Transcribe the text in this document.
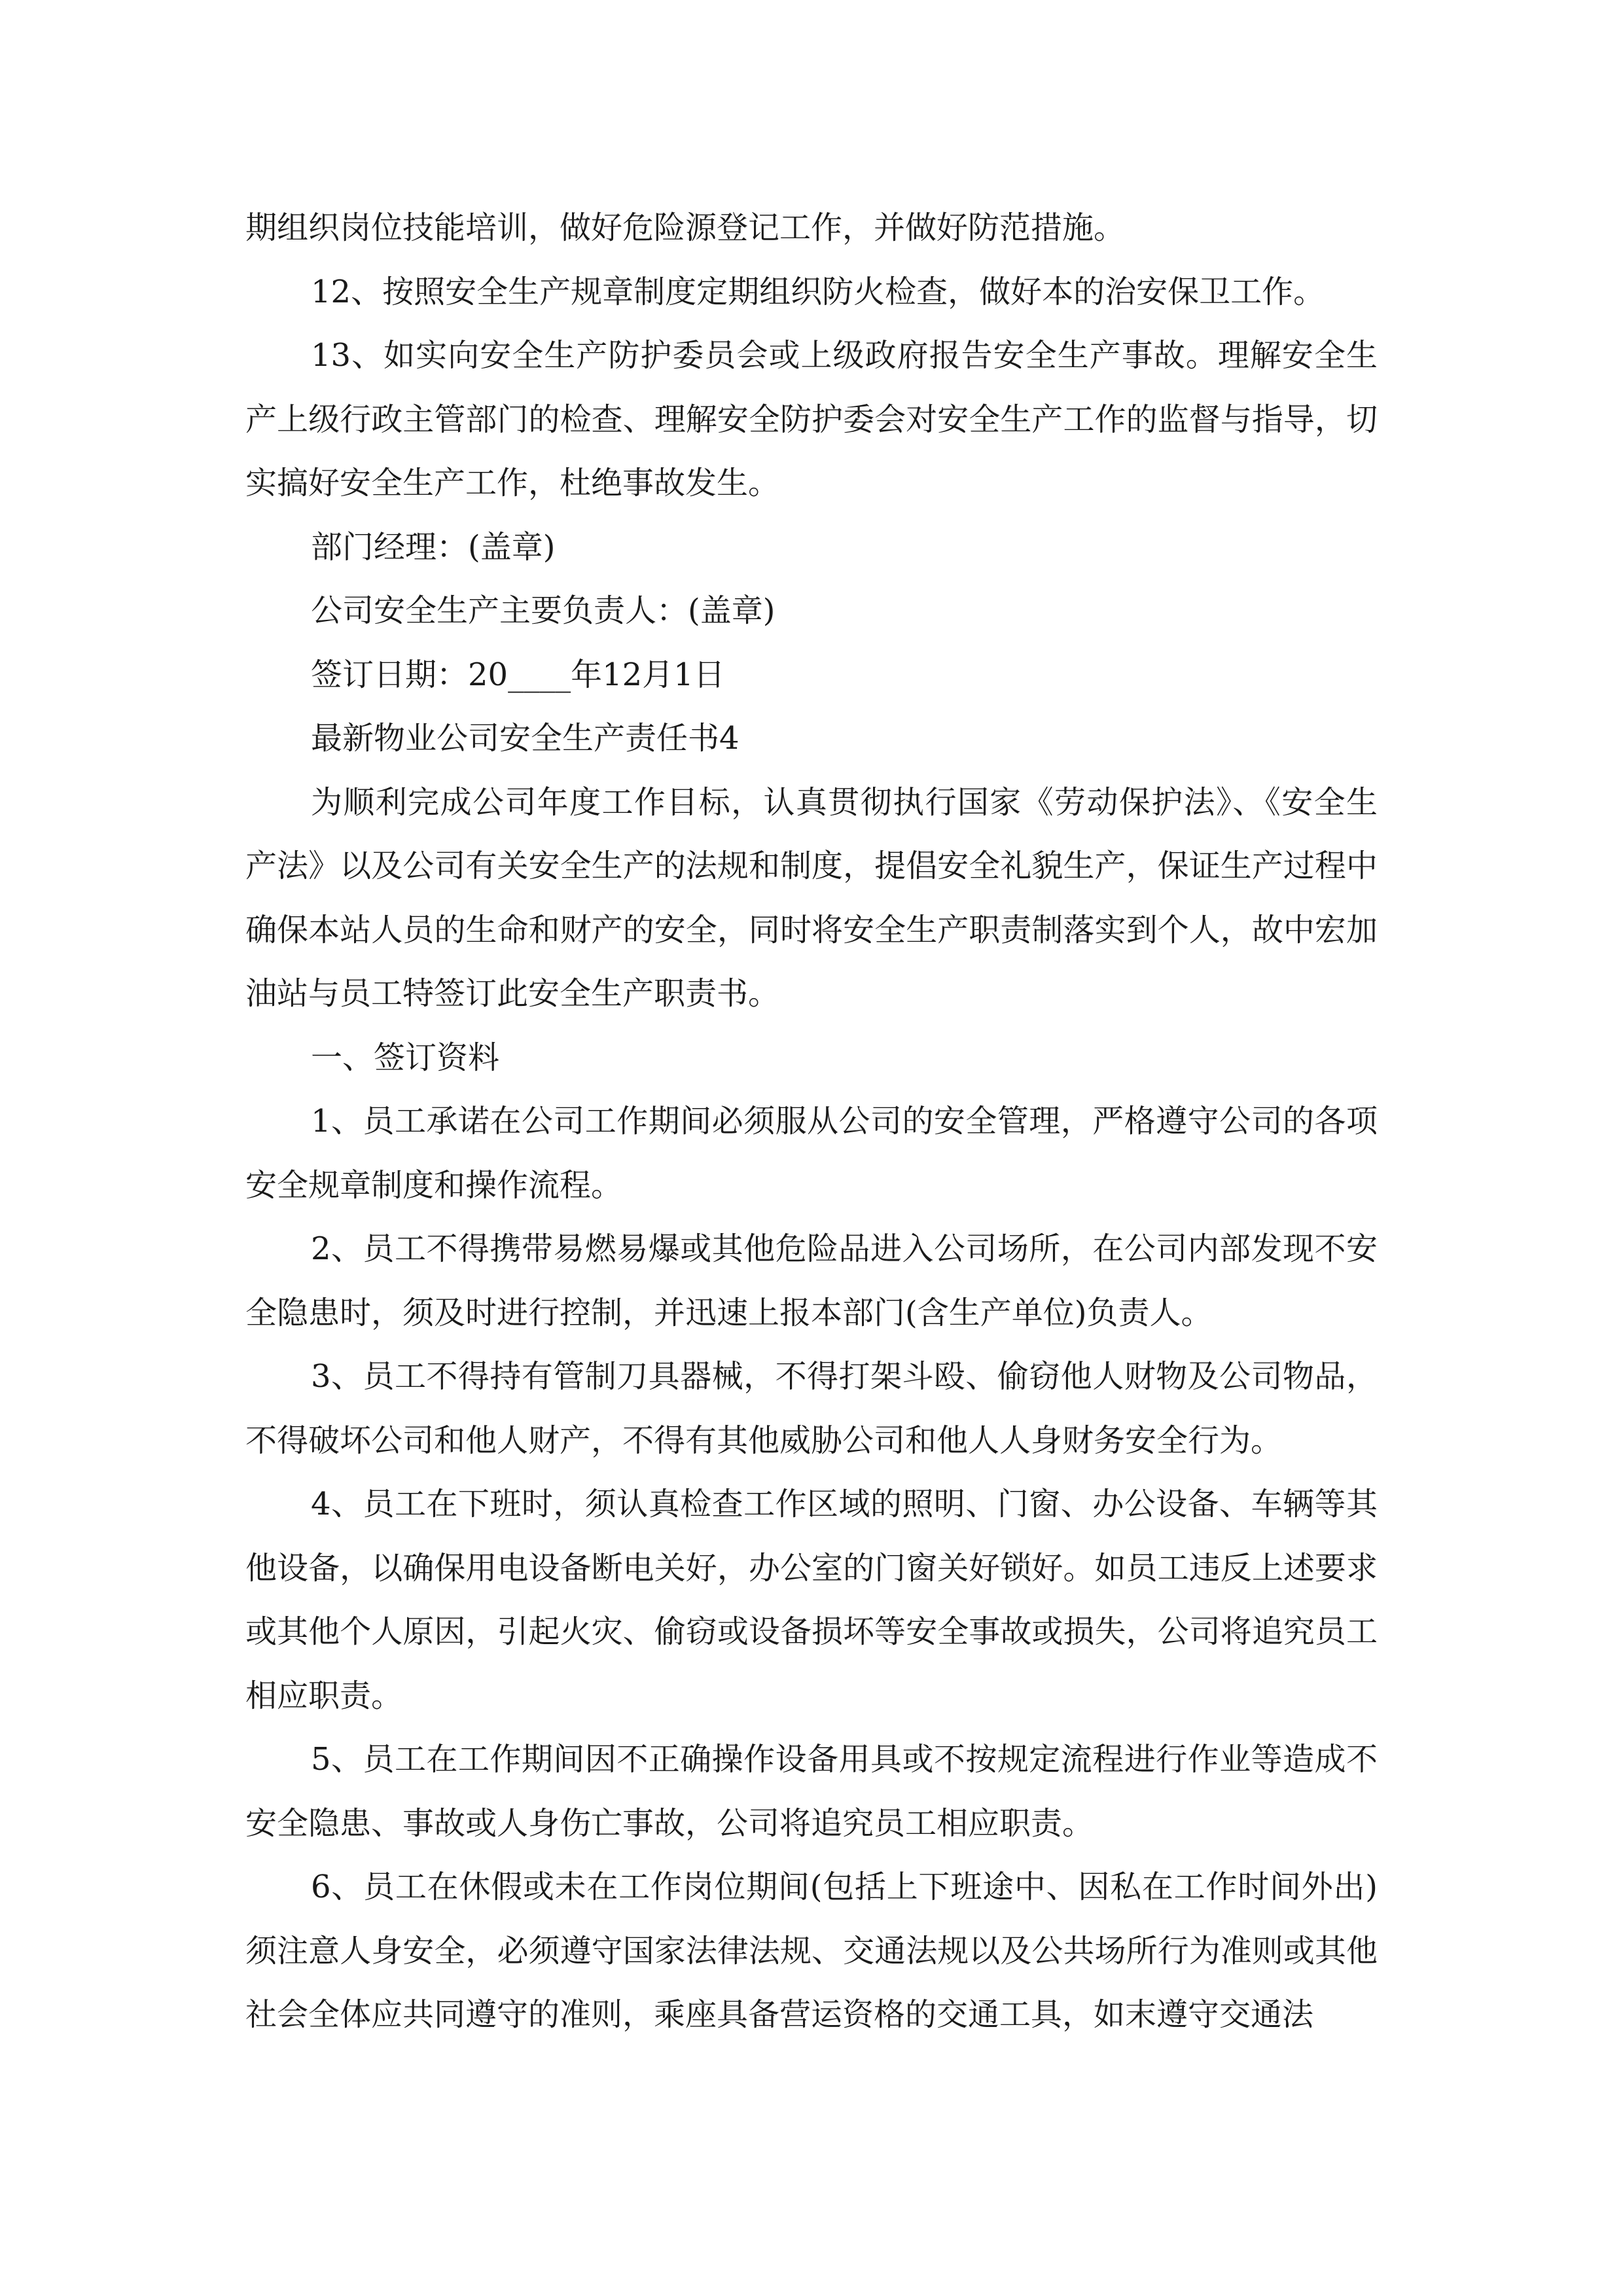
期组织岗位技能培训，做好危险源登记工作，并做好防范措施。

12、按照安全生产规章制度定期组织防火检查，做好本的治安保卫工作。

13、如实向安全生产防护委员会或上级政府报告安全生产事故。理解安全生产上级行政主管部门的检查、理解安全防护委会对安全生产工作的监督与指导，切实搞好安全生产工作，杜绝事故发生。

部门经理：(盖章)

公司安全生产主要负责人：(盖章)

签订日期：20____年12月1日

最新物业公司安全生产责任书4

为顺利完成公司年度工作目标，认真贯彻执行国家《劳动保护法》、《安全生产法》以及公司有关安全生产的法规和制度，提倡安全礼貌生产，保证生产过程中确保本站人员的生命和财产的安全，同时将安全生产职责制落实到个人，故中宏加油站与员工特签订此安全生产职责书。

一、签订资料

1、员工承诺在公司工作期间必须服从公司的安全管理，严格遵守公司的各项安全规章制度和操作流程。

2、员工不得携带易燃易爆或其他危险品进入公司场所，在公司内部发现不安全隐患时，须及时进行控制，并迅速上报本部门(含生产单位)负责人。

3、员工不得持有管制刀具器械，不得打架斗殴、偷窃他人财物及公司物品，不得破坏公司和他人财产，不得有其他威胁公司和他人人身财务安全行为。

4、员工在下班时，须认真检查工作区域的照明、门窗、办公设备、车辆等其他设备，以确保用电设备断电关好，办公室的门窗关好锁好。如员工违反上述要求或其他个人原因，引起火灾、偷窃或设备损坏等安全事故或损失，公司将追究员工相应职责。

5、员工在工作期间因不正确操作设备用具或不按规定流程进行作业等造成不安全隐患、事故或人身伤亡事故，公司将追究员工相应职责。

6、员工在休假或未在工作岗位期间(包括上下班途中、因私在工作时间外出)须注意人身安全，必须遵守国家法律法规、交通法规以及公共场所行为准则或其他社会全体应共同遵守的准则，乘座具备营运资格的交通工具，如末遵守交通法
